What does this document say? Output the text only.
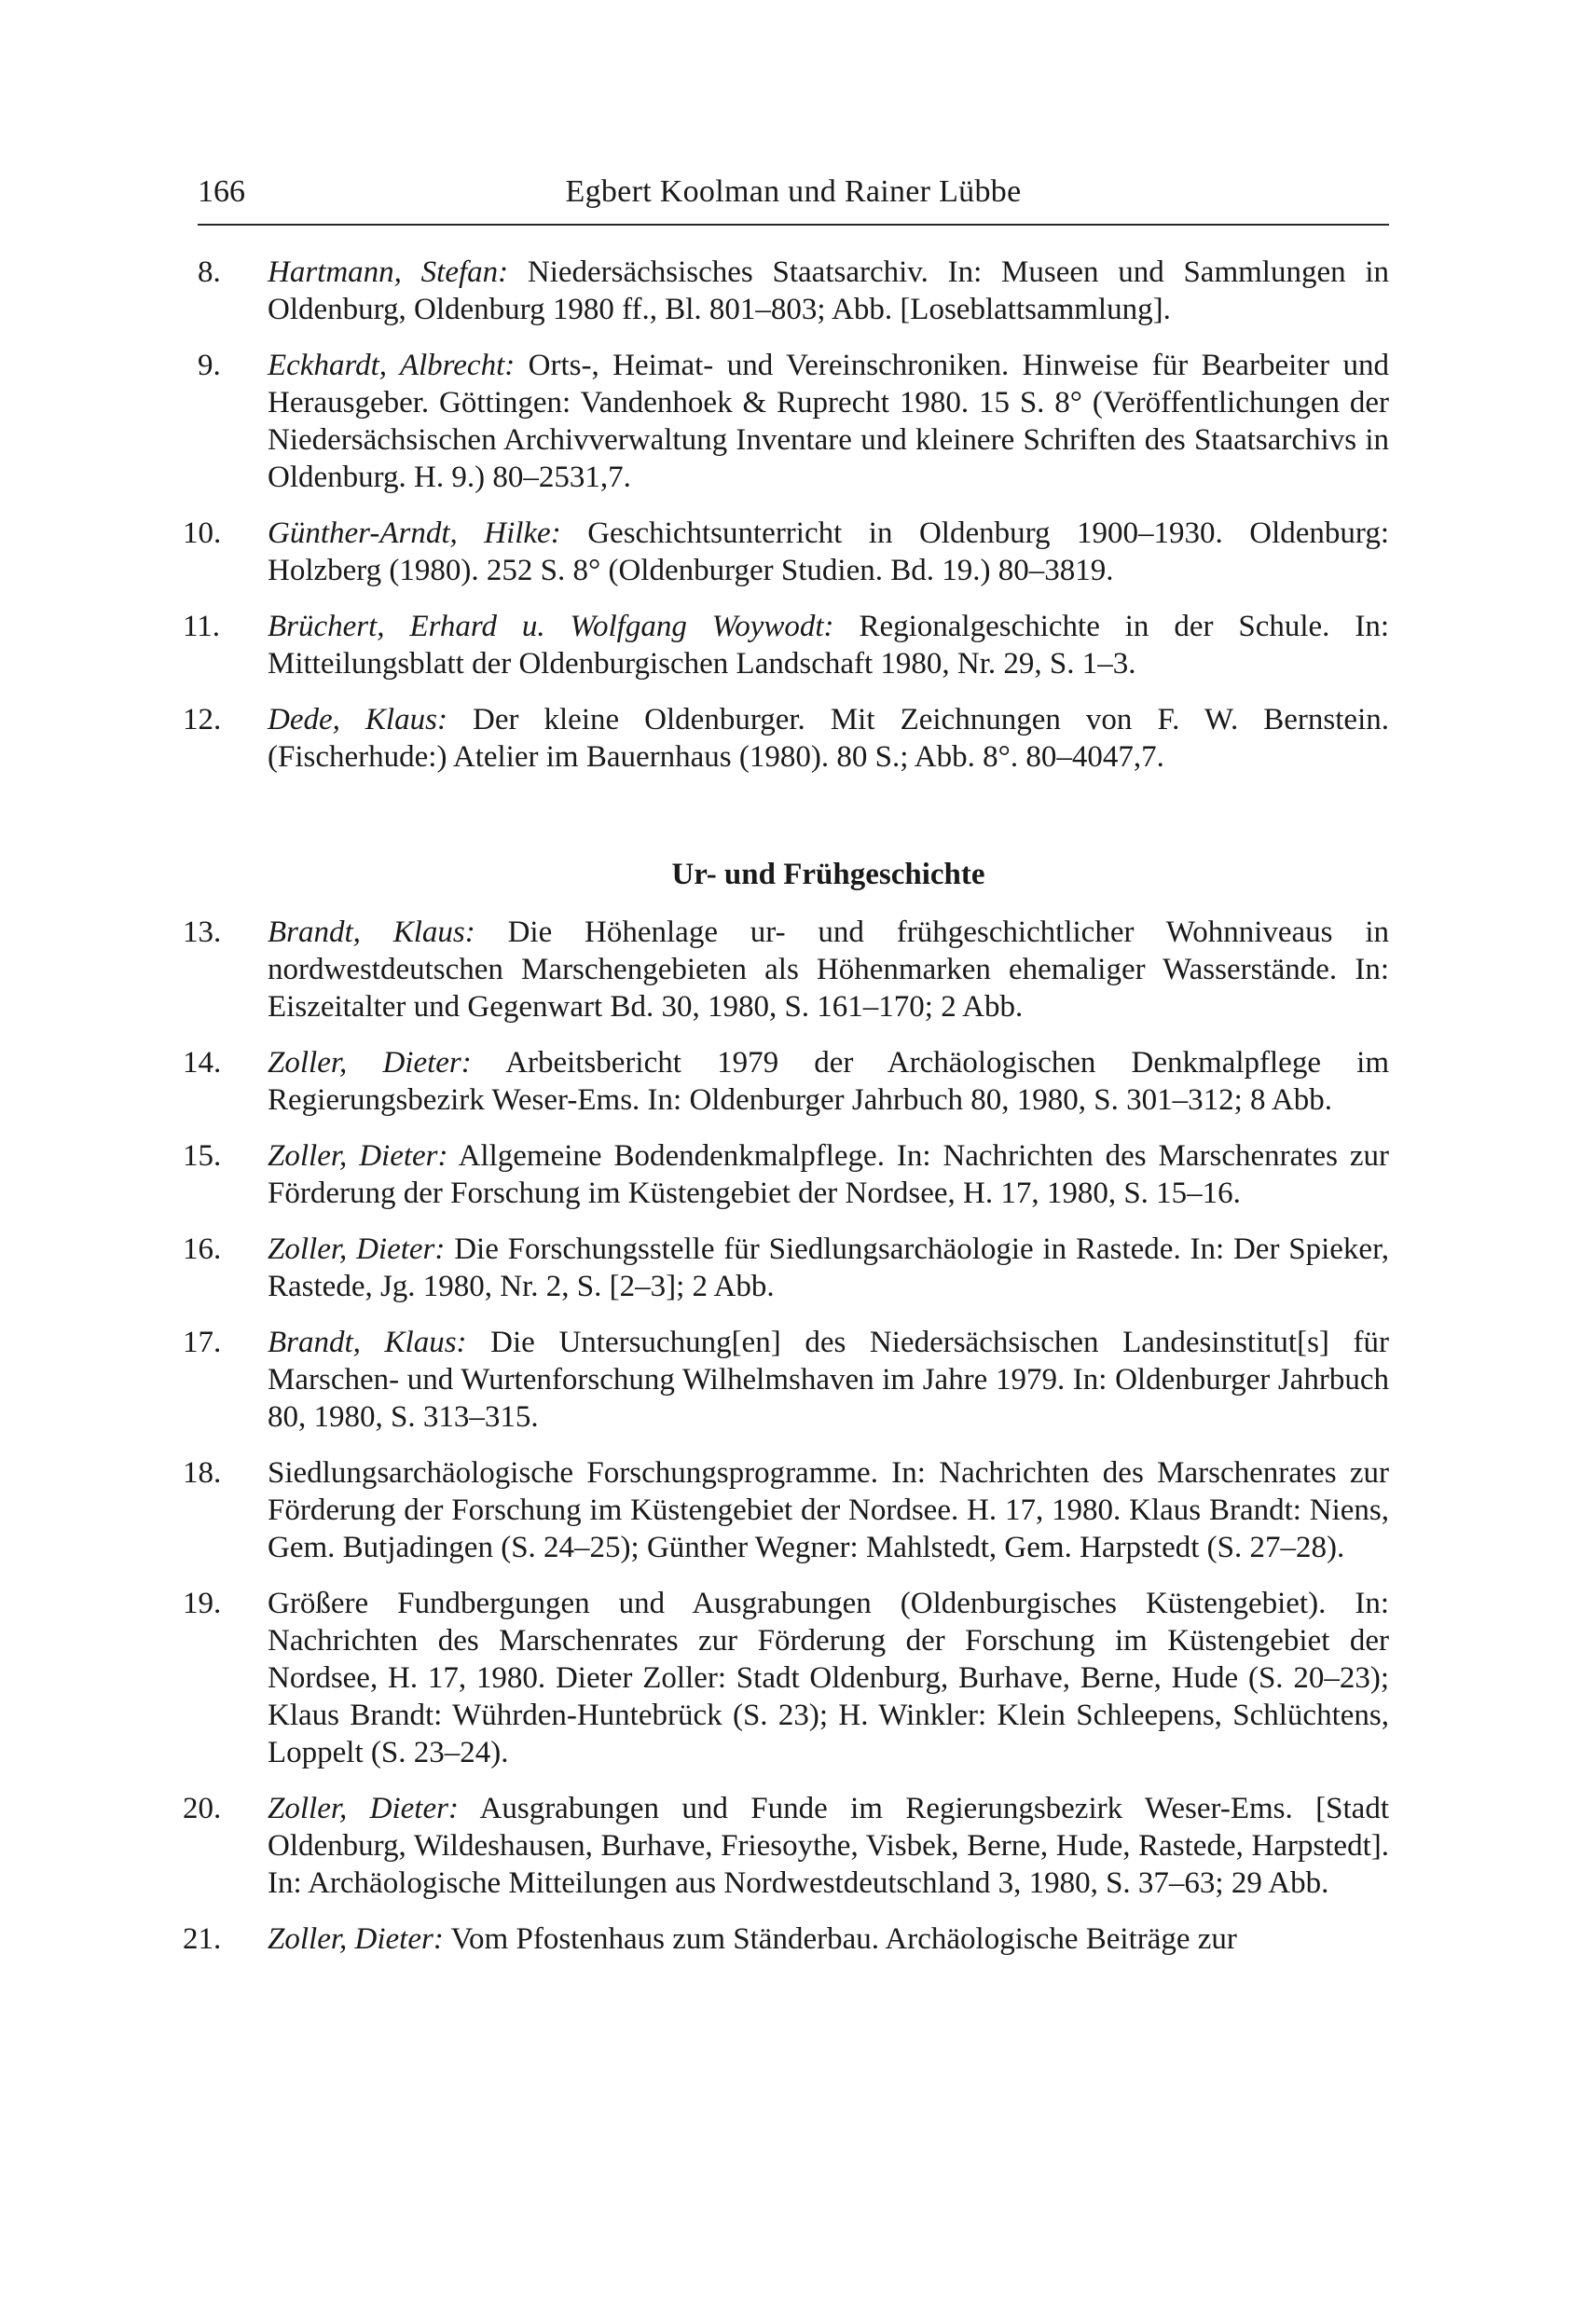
166	Egbert Koolman und Rainer Lübbe
8.	Hartmann, Stefan: Niedersächsisches Staatsarchiv. In: Museen und Sammlungen in Oldenburg, Oldenburg 1980 ff., Bl. 801–803; Abb. [Loseblattsammlung].
9.	Eckhardt, Albrecht: Orts-, Heimat- und Vereinschroniken. Hinweise für Bearbeiter und Herausgeber. Göttingen: Vandenhoek & Ruprecht 1980. 15 S. 8° (Veröffentlichungen der Niedersächsischen Archivverwaltung Inventare und kleinere Schriften des Staatsarchivs in Oldenburg. H. 9.) 80–2531,7.
10.	Günther-Arndt, Hilke: Geschichtsunterricht in Oldenburg 1900–1930. Oldenburg: Holzberg (1980). 252 S. 8° (Oldenburger Studien. Bd. 19.) 80–3819.
11.	Brüchert, Erhard u. Wolfgang Woywodt: Regionalgeschichte in der Schule. In: Mitteilungsblatt der Oldenburgischen Landschaft 1980, Nr. 29, S. 1–3.
12.	Dede, Klaus: Der kleine Oldenburger. Mit Zeichnungen von F. W. Bernstein. (Fischerhude:) Atelier im Bauernhaus (1980). 80 S.; Abb. 8°. 80–4047,7.
Ur- und Frühgeschichte
13.	Brandt, Klaus: Die Höhenlage ur- und frühgeschichtlicher Wohnniveaus in nordwestdeutschen Marschengebieten als Höhenmarken ehemaliger Wasserstände. In: Eiszeitalter und Gegenwart Bd. 30, 1980, S. 161–170; 2 Abb.
14.	Zoller, Dieter: Arbeitsbericht 1979 der Archäologischen Denkmalpflege im Regierungsbezirk Weser-Ems. In: Oldenburger Jahrbuch 80, 1980, S. 301–312; 8 Abb.
15.	Zoller, Dieter: Allgemeine Bodendenkmalpflege. In: Nachrichten des Marschenrates zur Förderung der Forschung im Küstengebiet der Nordsee, H. 17, 1980, S. 15–16.
16.	Zoller, Dieter: Die Forschungsstelle für Siedlungsarchäologie in Rastede. In: Der Spieker, Rastede, Jg. 1980, Nr. 2, S. [2–3]; 2 Abb.
17.	Brandt, Klaus: Die Untersuchung[en] des Niedersächsischen Landesinstitut[s] für Marschen- und Wurtenforschung Wilhelmshaven im Jahre 1979. In: Oldenburger Jahrbuch 80, 1980, S. 313–315.
18.	Siedlungsarchäologische Forschungsprogramme. In: Nachrichten des Marschenrates zur Förderung der Forschung im Küstengebiet der Nordsee. H. 17, 1980. Klaus Brandt: Niens, Gem. Butjadingen (S. 24–25); Günther Wegner: Mahlstedt, Gem. Harpstedt (S. 27–28).
19.	Größere Fundbergungen und Ausgrabungen (Oldenburgisches Küstengebiet). In: Nachrichten des Marschenrates zur Förderung der Forschung im Küstengebiet der Nordsee, H. 17, 1980. Dieter Zoller: Stadt Oldenburg, Burhave, Berne, Hude (S. 20–23); Klaus Brandt: Wührden-Huntebrück (S. 23); H. Winkler: Klein Schleepens, Schlüchtens, Loppelt (S. 23–24).
20.	Zoller, Dieter: Ausgrabungen und Funde im Regierungsbezirk Weser-Ems. [Stadt Oldenburg, Wildeshausen, Burhave, Friesoythe, Visbek, Berne, Hude, Rastede, Harpstedt]. In: Archäologische Mitteilungen aus Nordwestdeutschland 3, 1980, S. 37–63; 29 Abb.
21.	Zoller, Dieter: Vom Pfostenhaus zum Ständerbau. Archäologische Beiträge zur
